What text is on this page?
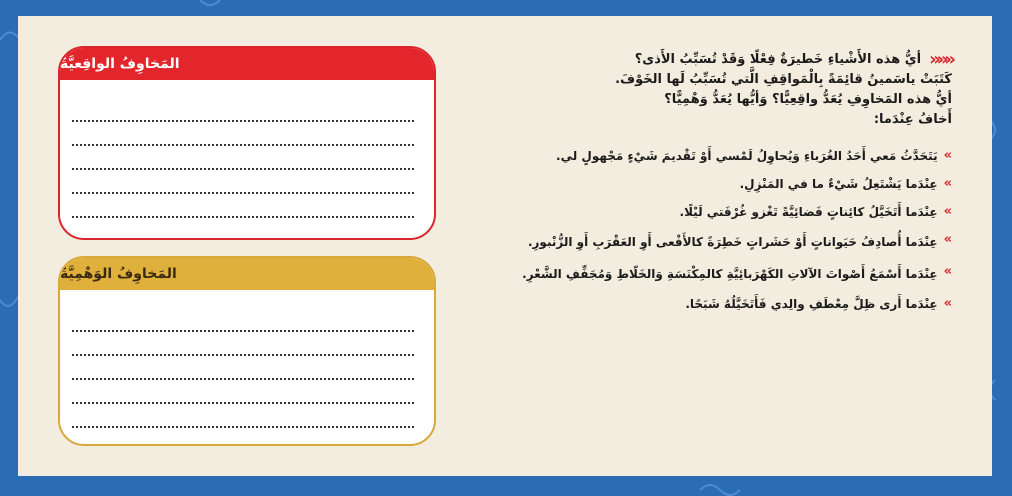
المَخاوِفُ الواقِعيَّةُ
المَخاوِفُ الوَهْمِيَّةُ
«««

أيُّ هذه الأَشْياءِ خَطيرَةٌ فِعْلًا وَقَدْ تُسَبِّبُ الأَذى؟

كَتَبَتْ ياسَمينُ قائِمَةً بِالْمَواقِفِ الَّتي تُسَبِّبُ لَها الخَوْفَ.

أيُّ هذه المَخاوِفِ يُعَدُّ واقِعِيًّا؟ وَأيُّها يُعَدُّ وَهْمِيًّا؟

أَخافُ عِنْدَما:

»
يَتَحَدَّثُ مَعي أَحَدُ الغُرَباءِ وَيُحاوِلُ لَمْسي أَوْ تَقْديمَ شَيْءٍ مَجْهولٍ لي.
»
عِنْدَما يَشْتَعِلُ شَيْءٌ ما في المَنْزِلِ.
»
عِنْدَما أَتَخَيَّلُ كائِناتٍ فَضائِيَّةً تَغْزو غُرْفَتي لَيْلًا.
»
عِنْدَما أُصادِفُ حَيَواناتٍ أَوْ حَشَراتٍ خَطِرَةً كالأَفْعى أَوِ العَقْرَبِ أَوِ الزُّنْبورِ.
»
عِنْدَما أَسْمَعُ أَصْواتَ الآلاتِ الكَهْرَبائِيَّةِ كالمِكْنَسَةِ وَالخَلّاطِ وَمُجَفِّفِ الشَّعْرِ.
»
عِنْدَما أَرى ظِلَّ مِعْطَفِ والِدي فَأَتَخَيَّلُهُ شَبَحًا.
